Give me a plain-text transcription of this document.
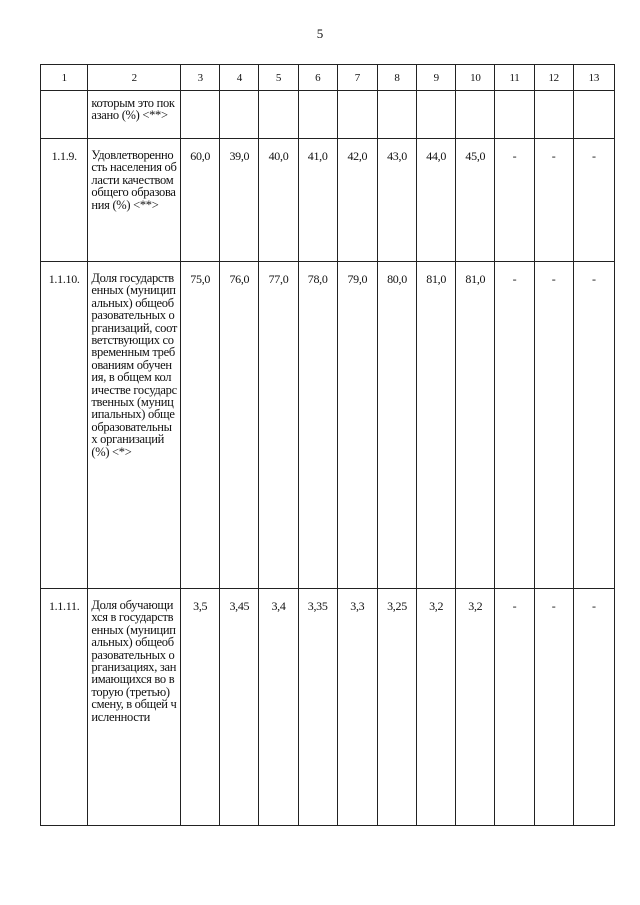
5
1	2	3	4	5	6	7	8	9	10	11	12	13
	которым это показано (%) <**>											
1.1.9.	Удовлетворенность населения области качеством общего образования (%) <**>	60,0	39,0	40,0	41,0	42,0	43,0	44,0	45,0	-	-	-
1.1.10.	Доля государственных (муниципальных) общеобразовательных организаций, соответствующих современным требованиям обучения, в общем количестве государственных (муниципальных) общеобразовательных организаций (%) <*>	75,0	76,0	77,0	78,0	79,0	80,0	81,0	81,0	-	-	-
1.1.11.	Доля обучающихся в государственных (муниципальных) общеобразовательных организациях, занимающихся во вторую (третью) смену, в общей численности	3,5	3,45	3,4	3,35	3,3	3,25	3,2	3,2	-	-	-
